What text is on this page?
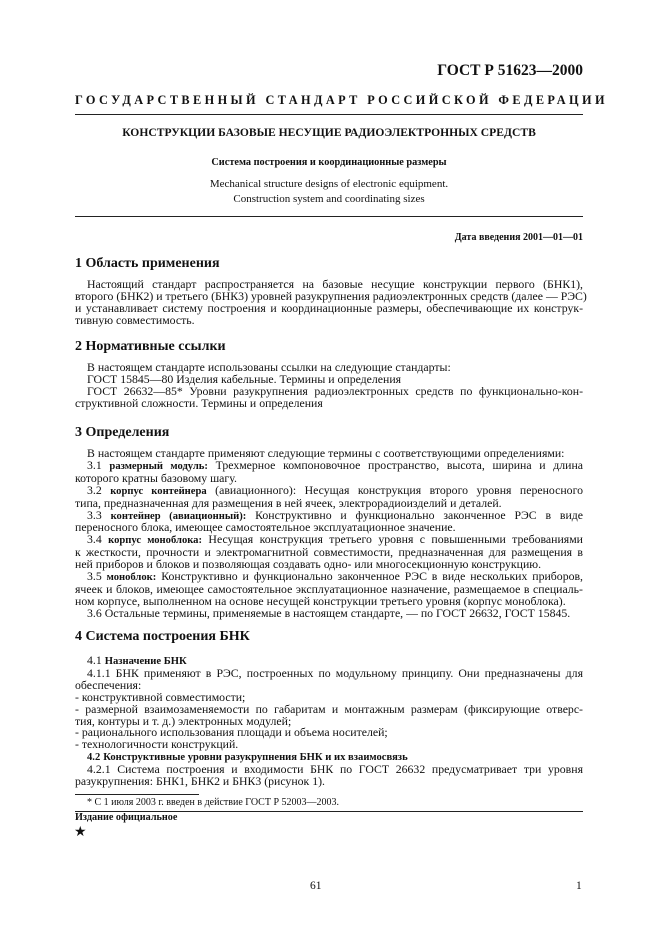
ГОСТ Р 51623—2000
ГОСУДАРСТВЕННЫЙ СТАНДАРТ РОССИЙСКОЙ ФЕДЕРАЦИИ
КОНСТРУКЦИИ БАЗОВЫЕ НЕСУЩИЕ РАДИОЭЛЕКТРОННЫХ СРЕДСТВ
Система построения и координационные размеры
Mechanical structure designs of electronic equipment.
Construction system and coordinating sizes
Дата введения 2001—01—01
1 Область применения
Настоящий стандарт распространяется на базовые несущие конструкции первого (БНК1),
второго (БНК2) и третьего (БНК3) уровней разукрупнения радиоэлектронных средств (далее — РЭС)
и устанавливает систему построения и координационные размеры, обеспечивающие их конструк-
тивную совместимость.
2 Нормативные ссылки
В настоящем стандарте использованы ссылки на следующие стандарты:
ГОСТ 15845—80 Изделия кабельные. Термины и определения
ГОСТ 26632—85* Уровни разукрупнения радиоэлектронных средств по функционально-кон-
структивной сложности. Термины и определения
3 Определения
В настоящем стандарте применяют следующие термины с соответствующими определениями:
3.1 размерный модуль: Трехмерное компоновочное пространство, высота, ширина и длина
которого кратны базовому шагу.
3.2 корпус контейнера (авиационного): Несущая конструкция второго уровня переносного
типа, предназначенная для размещения в ней ячеек, электрорадиоизделий и деталей.
3.3 контейнер (авиационный): Конструктивно и функционально законченное РЭС в виде
переносного блока, имеющее самостоятельное эксплуатационное значение.
3.4 корпус моноблока: Несущая конструкция третьего уровня с повышенными требованиями
к жесткости, прочности и электромагнитной совместимости, предназначенная для размещения в
ней приборов и блоков и позволяющая создавать одно- или многосекционную конструкцию.
3.5 моноблок: Конструктивно и функционально законченное РЭС в виде нескольких приборов,
ячеек и блоков, имеющее самостоятельное эксплуатационное назначение, размещаемое в специаль-
ном корпусе, выполненном на основе несущей конструкции третьего уровня (корпус моноблока).
3.6 Остальные термины, применяемые в настоящем стандарте, — по ГОСТ 26632, ГОСТ 15845.
4 Система построения БНК
4.1 Назначение БНК
4.1.1 БНК применяют в РЭС, построенных по модульному принципу. Они предназначены для
обеспечения:
- конструктивной совместимости;
- размерной взаимозаменяемости по габаритам и монтажным размерам (фиксирующие отверс-
тия, контуры и т. д.) электронных модулей;
- рационального использования площади и объема носителей;
- технологичности конструкций.
4.2 Конструктивные уровни разукрупнения БНК и их взаимосвязь
4.2.1 Система построения и входимости БНК по ГОСТ 26632 предусматривает три уровня
разукрупнения: БНК1, БНК2 и БНК3 (рисунок 1).
* С 1 июля 2003 г. введен в действие ГОСТ Р 52003—2003.
Издание официальное
★
61	1
